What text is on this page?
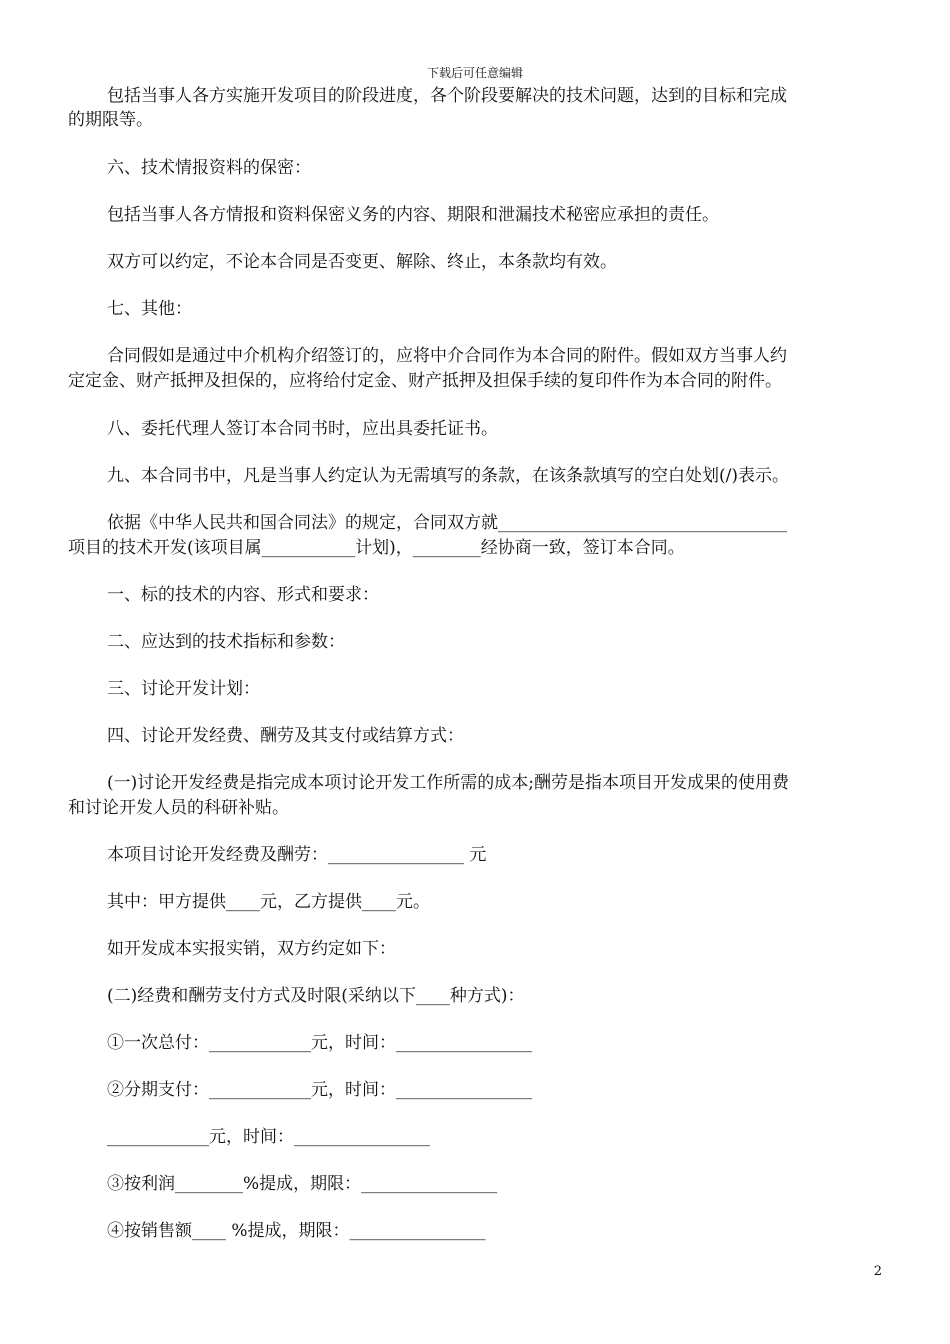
下载后可任意编辑
包括当事人各方实施开发项目的阶段进度，各个阶段要解决的技术问题，达到的目标和完成
的期限等。
六、技术情报资料的保密：
包括当事人各方情报和资料保密义务的内容、期限和泄漏技术秘密应承担的责任。
双方可以约定，不论本合同是否变更、解除、终止，本条款均有效。
七、其他：
合同假如是通过中介机构介绍签订的，应将中介合同作为本合同的附件。假如双方当事人约
定定金、财产抵押及担保的，应将给付定金、财产抵押及担保手续的复印件作为本合同的附件。
八、委托代理人签订本合同书时，应出具委托证书。
九、本合同书中，凡是当事人约定认为无需填写的条款，在该条款填写的空白处划(/)表示。
依据《中华人民共和国合同法》的规定，合同双方就__________________________________
项目的技术开发(该项目属___________计划)，________经协商一致，签订本合同。
一、标的技术的内容、形式和要求：
二、应达到的技术指标和参数：
三、讨论开发计划：
四、讨论开发经费、酬劳及其支付或结算方式：
(一)讨论开发经费是指完成本项讨论开发工作所需的成本;酬劳是指本项目开发成果的使用费
和讨论开发人员的科研补贴。
本项目讨论开发经费及酬劳：________________ 元
其中：甲方提供____元，乙方提供____元。
如开发成本实报实销，双方约定如下：
(二)经费和酬劳支付方式及时限(采纳以下____种方式)：
①一次总付：____________元，时间：________________
②分期支付：____________元，时间：________________
____________元，时间：________________
③按利润________%提成，期限：________________
④按销售额____ %提成，期限：________________
2
